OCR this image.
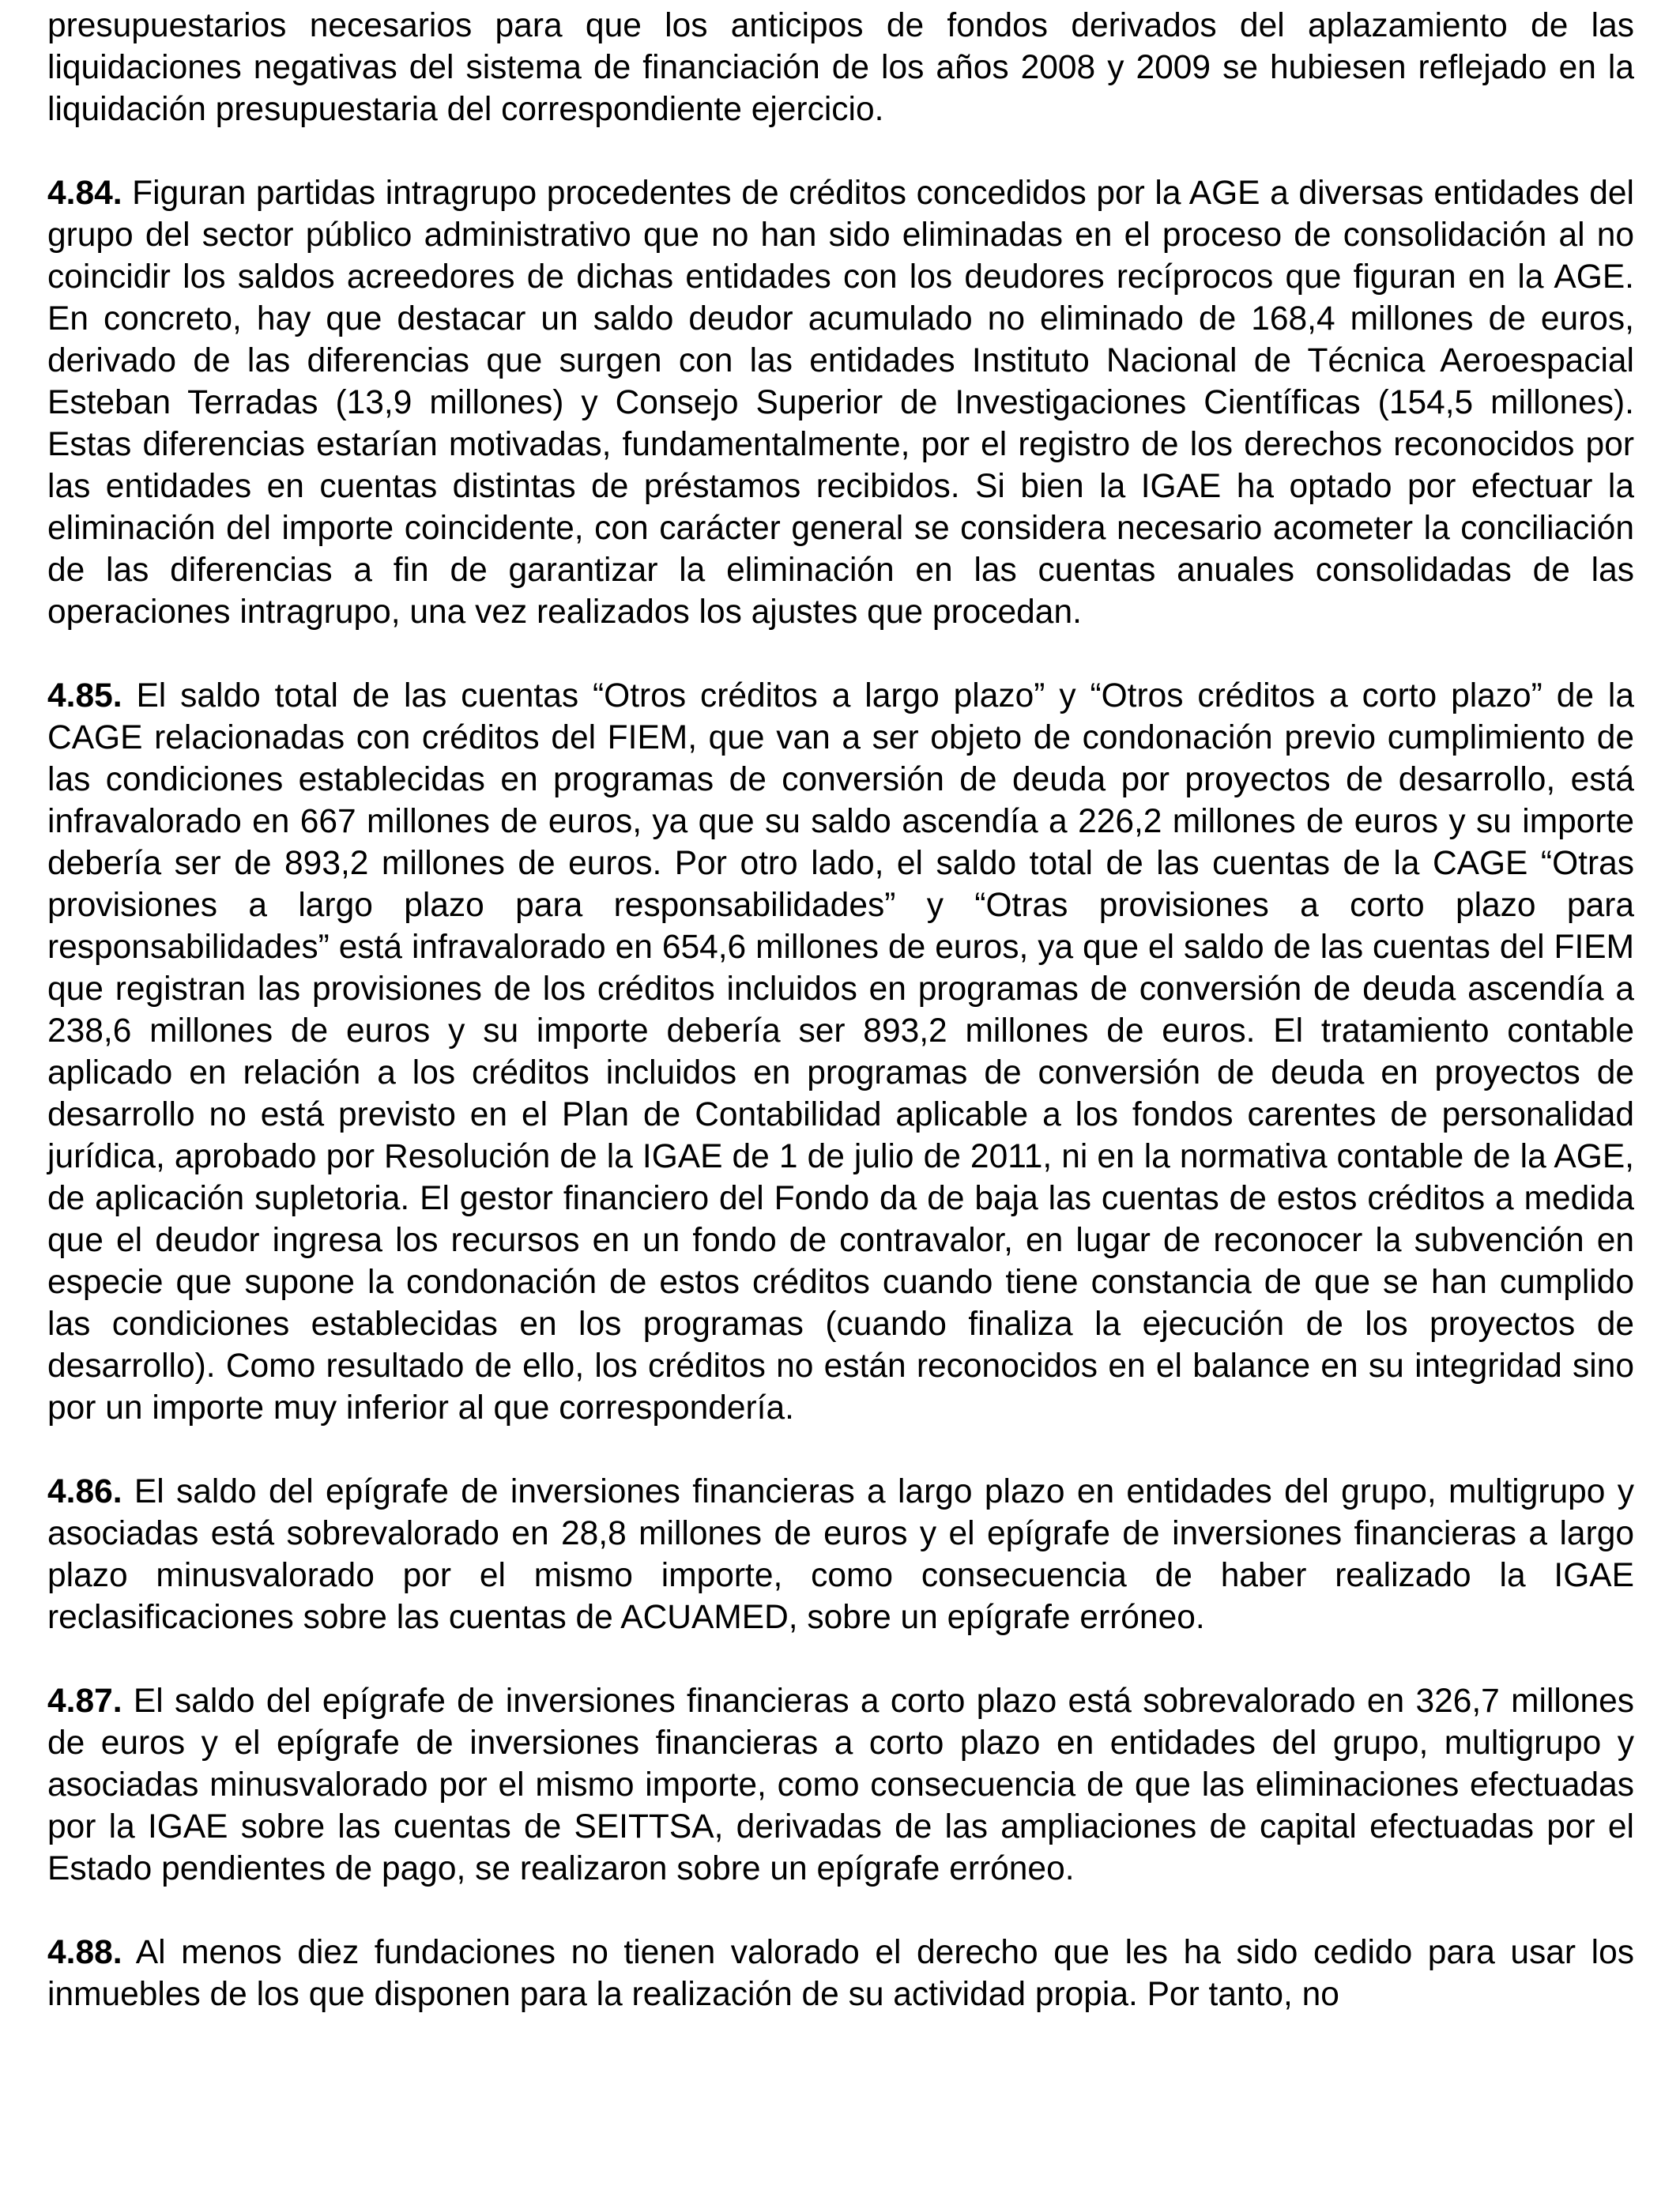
presupuestarios necesarios para que los anticipos de fondos derivados del aplazamiento de las liquidaciones negativas del sistema de financiación de los años 2008 y 2009 se hubiesen reflejado en la liquidación presupuestaria del correspondiente ejercicio.

4.84. Figuran partidas intragrupo procedentes de créditos concedidos por la AGE a diversas entidades del grupo del sector público administrativo que no han sido eliminadas en el proceso de consolidación al no coincidir los saldos acreedores de dichas entidades con los deudores recíprocos que figuran en la AGE. En concreto, hay que destacar un saldo deudor acumulado no eliminado de 168,4 millones de euros, derivado de las diferencias que surgen con las entidades Instituto Nacional de Técnica Aeroespacial Esteban Terradas (13,9 millones) y Consejo Superior de Investigaciones Científicas (154,5 millones). Estas diferencias estarían motivadas, fundamentalmente, por el registro de los derechos reconocidos por las entidades en cuentas distintas de préstamos recibidos. Si bien la IGAE ha optado por efectuar la eliminación del importe coincidente, con carácter general se considera necesario acometer la conciliación de las diferencias a fin de garantizar la eliminación en las cuentas anuales consolidadas de las operaciones intragrupo, una vez realizados los ajustes que procedan.

4.85. El saldo total de las cuentas “Otros créditos a largo plazo” y “Otros créditos a corto plazo” de la CAGE relacionadas con créditos del FIEM, que van a ser objeto de condonación previo cumplimiento de las condiciones establecidas en programas de conversión de deuda por proyectos de desarrollo, está infravalorado en 667 millones de euros, ya que su saldo ascendía a 226,2 millones de euros y su importe debería ser de 893,2 millones de euros. Por otro lado, el saldo total de las cuentas de la CAGE “Otras provisiones a largo plazo para responsabilidades” y “Otras provisiones a corto plazo para responsabilidades” está infravalorado en 654,6 millones de euros, ya que el saldo de las cuentas del FIEM que registran las provisiones de los créditos incluidos en programas de conversión de deuda ascendía a 238,6 millones de euros y su importe debería ser 893,2 millones de euros. El tratamiento contable aplicado en relación a los créditos incluidos en programas de conversión de deuda en proyectos de desarrollo no está previsto en el Plan de Contabilidad aplicable a los fondos carentes de personalidad jurídica, aprobado por Resolución de la IGAE de 1 de julio de 2011, ni en la normativa contable de la AGE, de aplicación supletoria. El gestor financiero del Fondo da de baja las cuentas de estos créditos a medida que el deudor ingresa los recursos en un fondo de contravalor, en lugar de reconocer la subvención en especie que supone la condonación de estos créditos cuando tiene constancia de que se han cumplido las condiciones establecidas en los programas (cuando finaliza la ejecución de los proyectos de desarrollo). Como resultado de ello, los créditos no están reconocidos en el balance en su integridad sino por un importe muy inferior al que correspondería.

4.86. El saldo del epígrafe de inversiones financieras a largo plazo en entidades del grupo, multigrupo y asociadas está sobrevalorado en 28,8 millones de euros y el epígrafe de inversiones financieras a largo plazo minusvalorado por el mismo importe, como consecuencia de haber realizado la IGAE reclasificaciones sobre las cuentas de ACUAMED, sobre un epígrafe erróneo.

4.87. El saldo del epígrafe de inversiones financieras a corto plazo está sobrevalorado en 326,7 millones de euros y el epígrafe de inversiones financieras a corto plazo en entidades del grupo, multigrupo y asociadas minusvalorado por el mismo importe, como consecuencia de que las eliminaciones efectuadas por la IGAE sobre las cuentas de SEITTSA, derivadas de las ampliaciones de capital efectuadas por el Estado pendientes de pago, se realizaron sobre un epígrafe erróneo.

4.88. Al menos diez fundaciones no tienen valorado el derecho que les ha sido cedido para usar los inmuebles de los que disponen para la realización de su actividad propia. Por tanto, no
